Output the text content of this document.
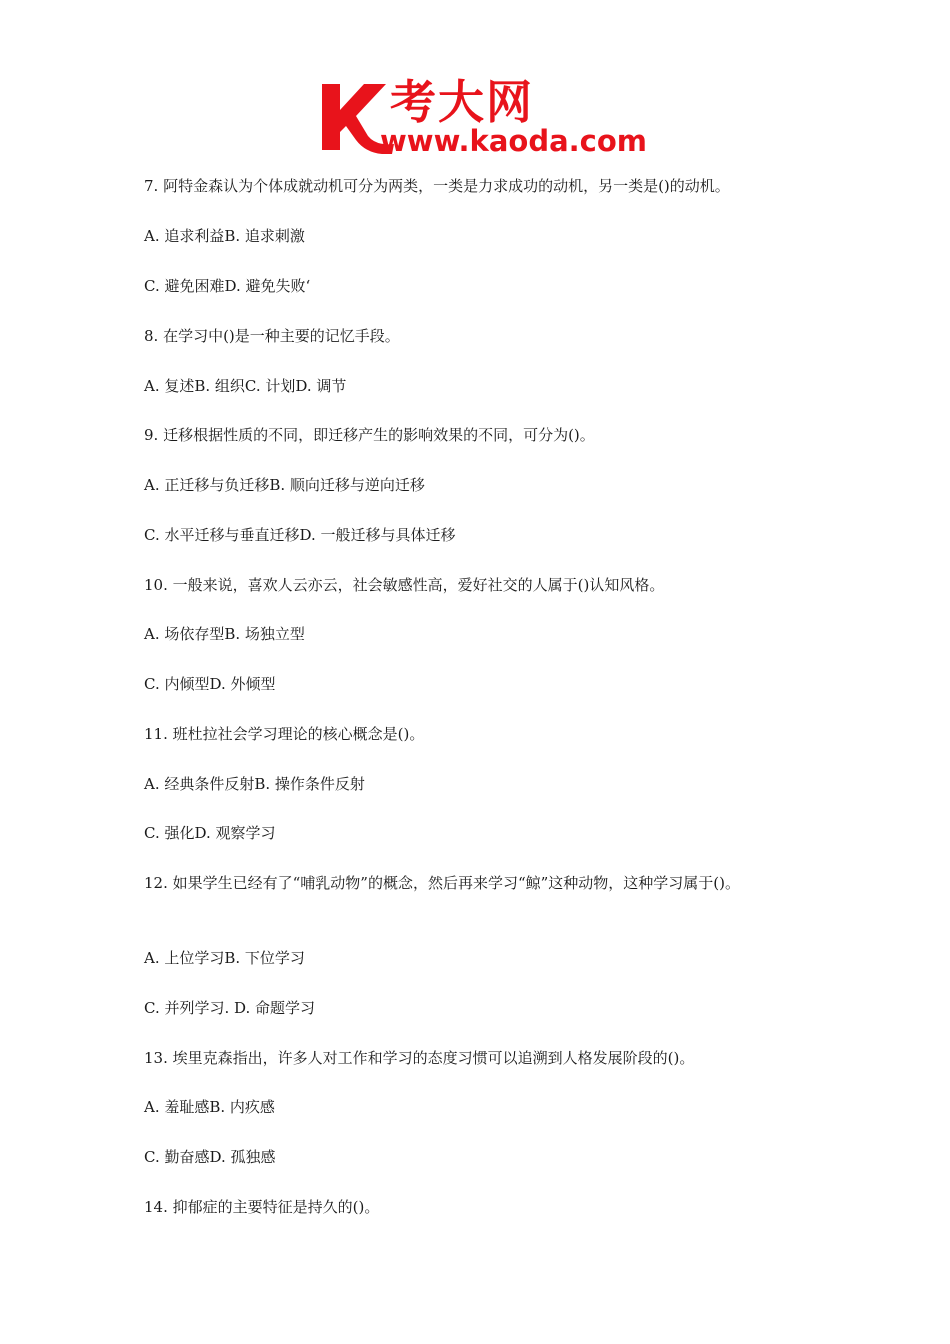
考大网
www.kaoda.com
7. 阿特金森认为个体成就动机可分为两类，一类是力求成功的动机，另一类是()的动机。
A. 追求利益B. 追求刺激
C. 避免困难D. 避免失败‘
8. 在学习中()是一种主要的记忆手段。
A. 复述B. 组织C. 计划D. 调节
9. 迁移根据性质的不同，即迁移产生的影响效果的不同，可分为()。
A. 正迁移与负迁移B. 顺向迁移与逆向迁移
C. 水平迁移与垂直迁移D. 一般迁移与具体迁移
10. 一般来说，喜欢人云亦云，社会敏感性高，爱好社交的人属于()认知风格。
A. 场依存型B. 场独立型
C. 内倾型D. 外倾型
11. 班杜拉社会学习理论的核心概念是()。
A. 经典条件反射B. 操作条件反射
C. 强化D. 观察学习
12. 如果学生已经有了“哺乳动物”的概念，然后再来学习“鲸”这种动物，这种学习属于()。
A. 上位学习B. 下位学习
C. 并列学习. D. 命题学习
13. 埃里克森指出，许多人对工作和学习的态度习惯可以追溯到人格发展阶段的()。
A. 羞耻感B. 内疚感
C. 勤奋感D. 孤独感
14. 抑郁症的主要特征是持久的()。
